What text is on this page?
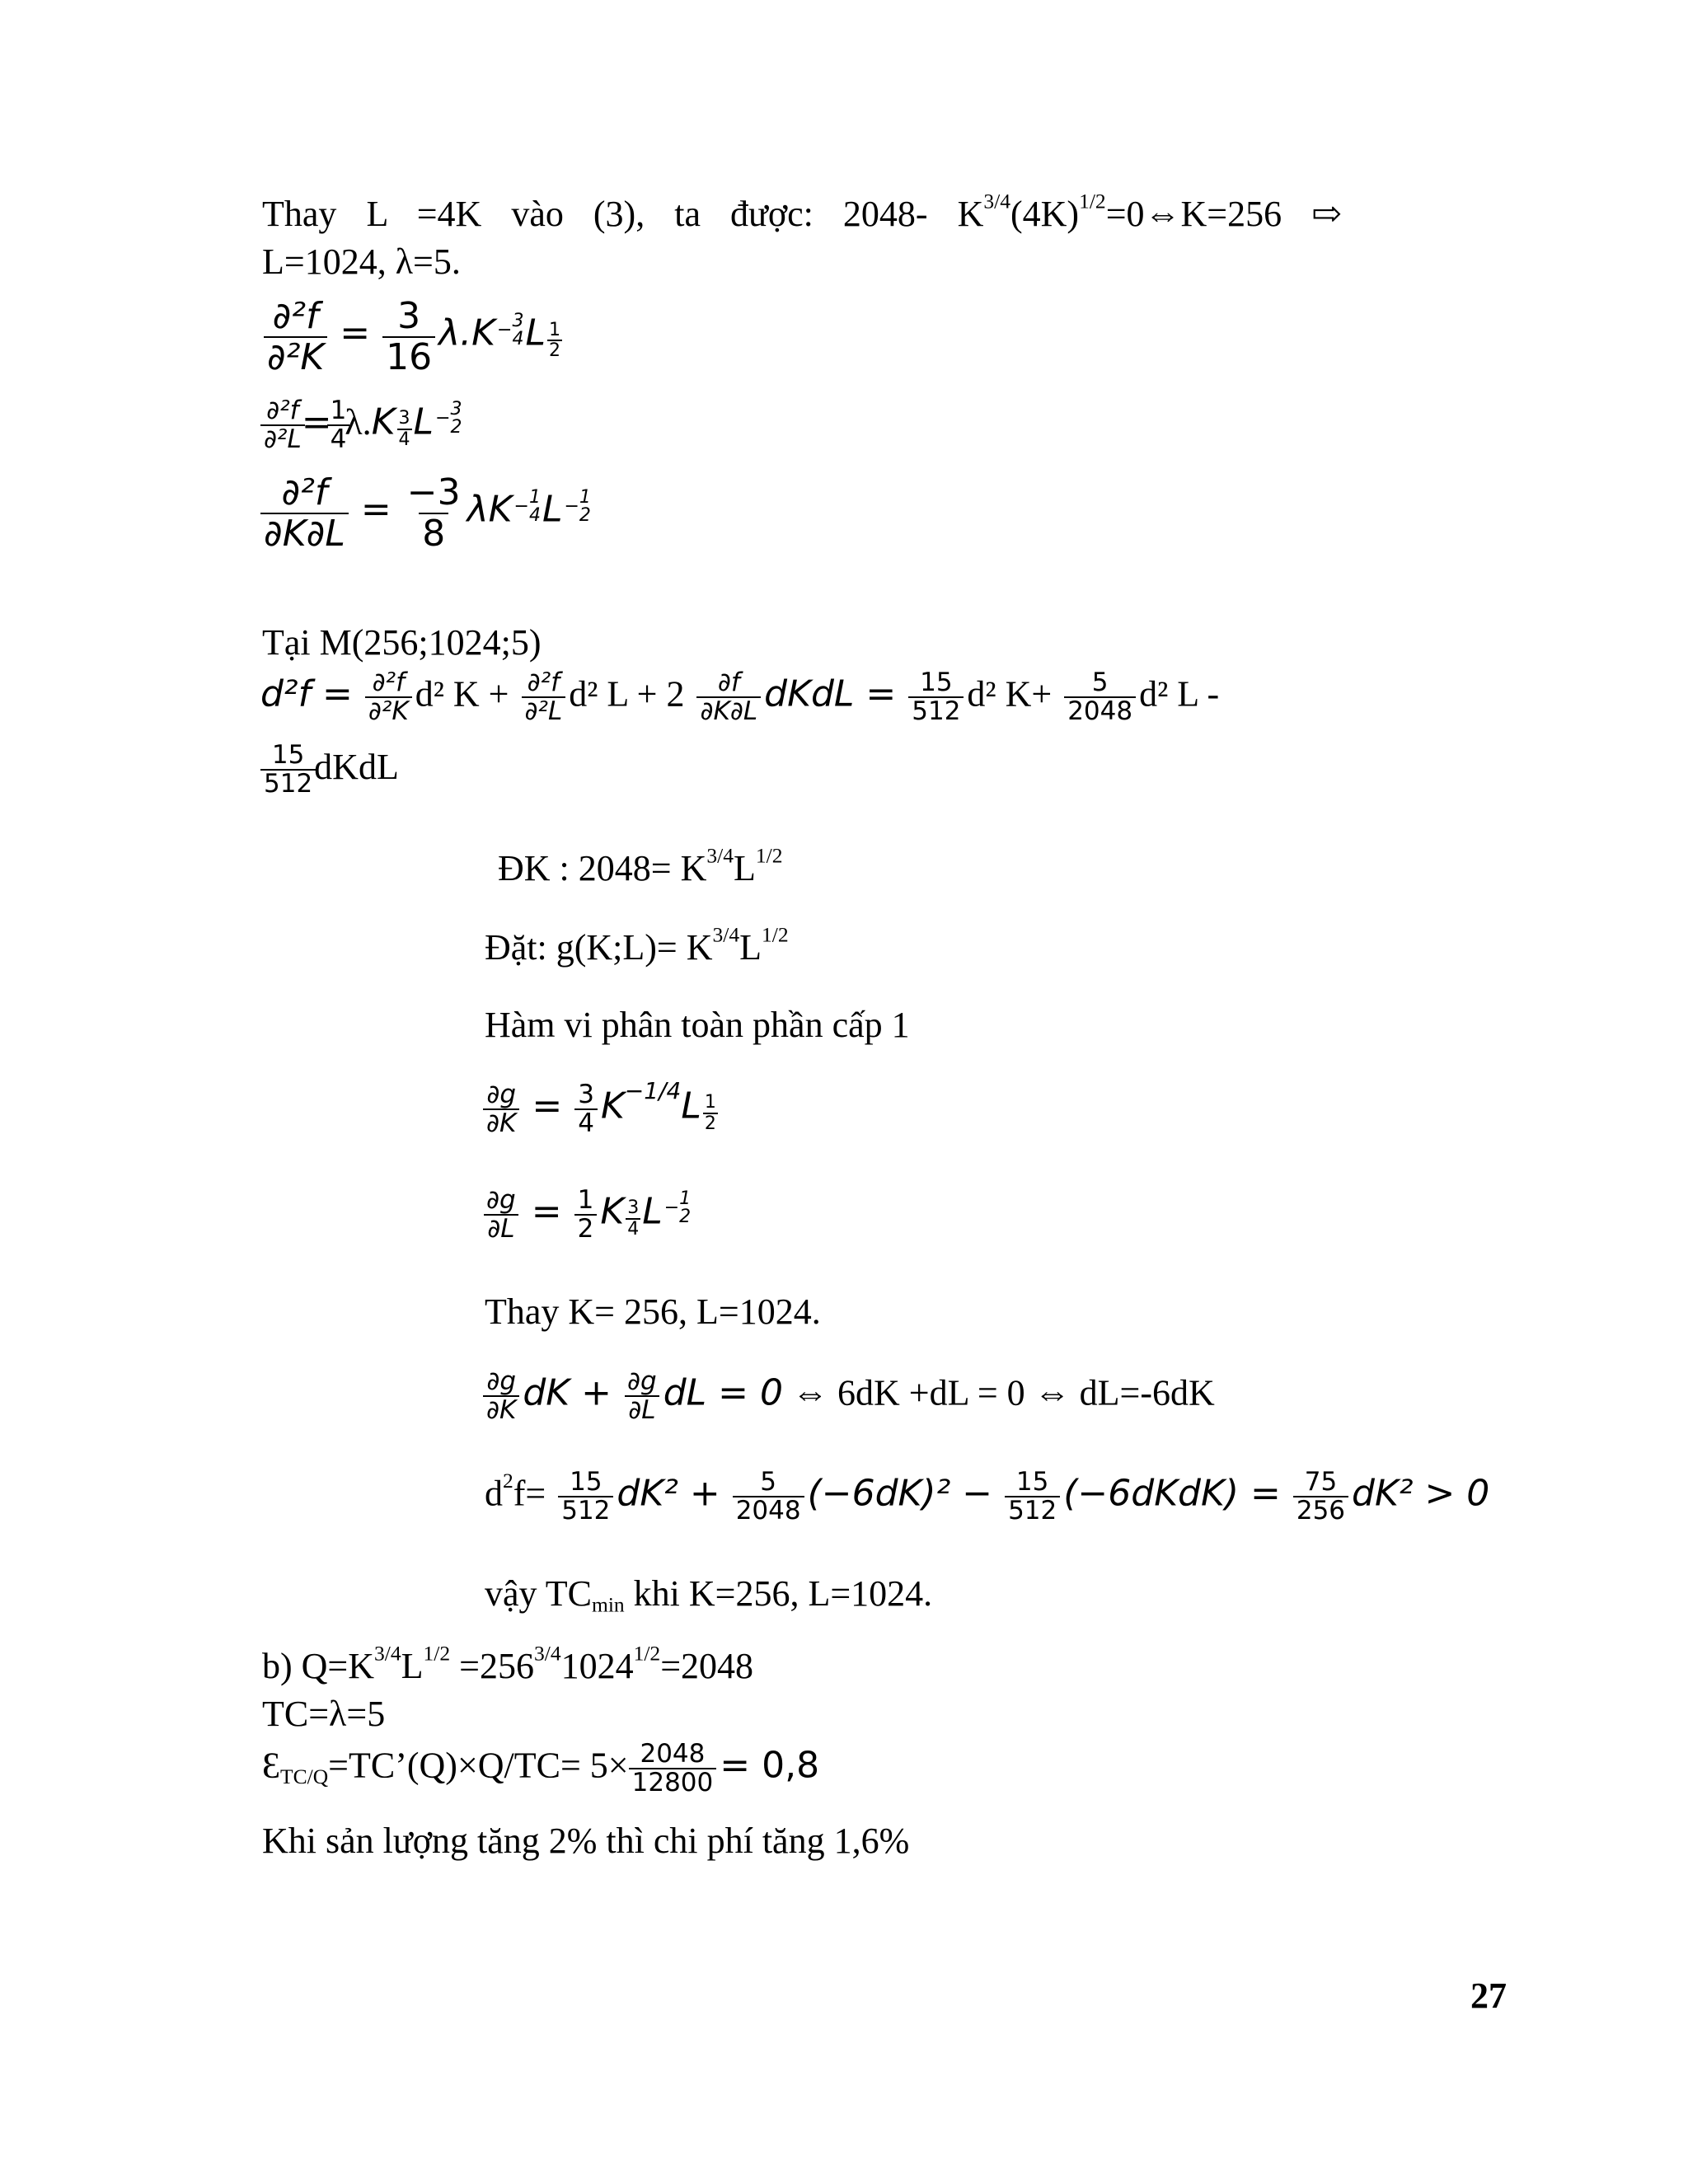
Thay L =4K vào (3), ta được: 2048- $K^{3/4}(4K)^{1/2}=0\Leftrightarrow K=256$ ⇨
L=1024, λ=5.
$\frac{\text{∂²f}}{\text{∂²K}} = \frac{3}{16} \lambda.K - 3$
4 L $\frac{1}{2}$
$\frac{\text{∂²f}}{\text{∂²L}}$
=
$\frac{1}{4}$
$\lambda.K \frac{3}{4}$ L − 3
2
$\frac{\text{∂²f}}{\partial K\partial L} = \frac{-3}{8}$ λK − 1
4 L − 1
2
Tại M(256;1024;5)
$d^2f = \frac{\text{∂²f}}{\text{∂²K}} d^2$ $K + \frac{\text{∂²f}}{\text{∂²L}} d^2$ $L + 2 \frac{\partial f}{\partial K\partial L}$ dKdL = $\frac{15}{512} d^2$ $K+ \frac{5}{2048} d^2$ L -
$\frac{15}{512}$
dKdL
ĐK : $2048= K^{3/4}L^{1/2}$
Đặt: g(K;L)= $K^{3/4}L^{1/2}$
Hàm vi phân toàn phần cấp 1
$\frac{\partial g}{\partial K} = \frac{3}{4} K^{-1/4}L \frac{1}{2}$
$\frac{\partial g}{\partial L} = \frac{1}{2}$ K $\frac{3}{4}$ L − 1
2
Thay K= 256, L=1024.
$\frac{\partial g}{\partial K}$ dK + $\frac{\partial g}{\partial L}$ dL = 0 ⇔ 6dK +dL = 0 ⇔ dL=-6dK
$d^2f= \frac{15}{512} dK^2 + \frac{5}{2048} (-6dK)^2 - \frac{15}{512}$ (−6dKdK) = $\frac{75}{256} dK^2 > 0$
vậy $TC_{min}$ khi K=256, L=1024.
b) $Q=K^{3/4}L^{1/2} =256^{3/4}1024^{1/2}=2048$
TC=λ=5
$Ɛ_{TC/Q}=TC’(Q)\times Q/TC= 5\times \frac{2048}{12800} = 0,8$
Khi sản lượng tăng 2% thì chi phí tăng 1,6%
27
